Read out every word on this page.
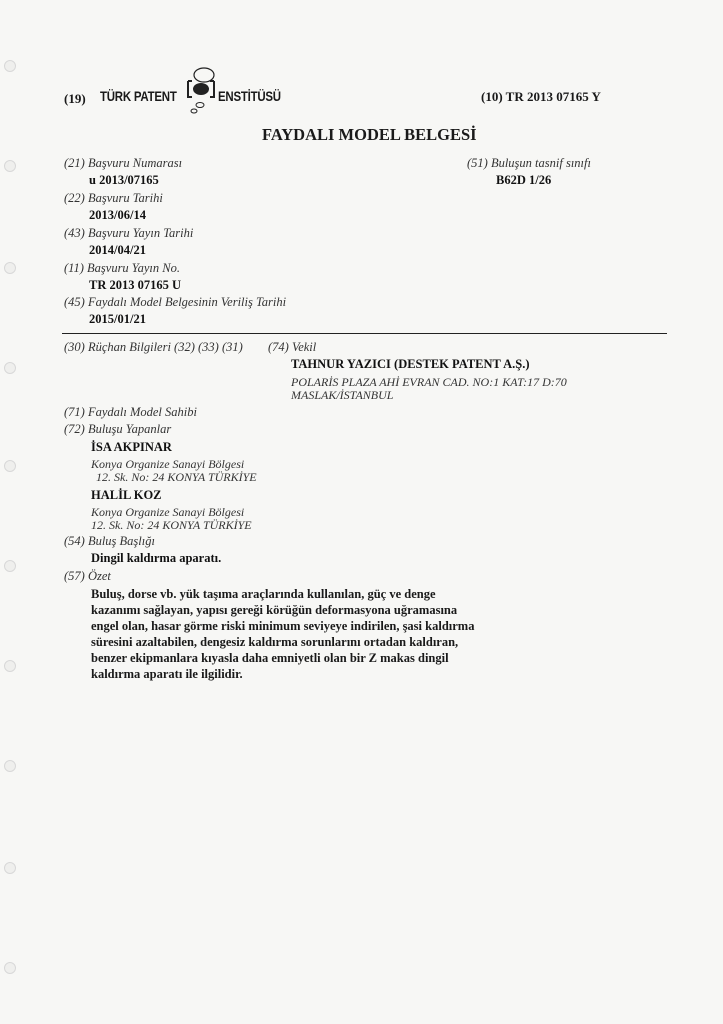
(19) TÜRK PATENT	ENSTİTÜSÜ	(10) TR 2013 07165 Y
FAYDALI MODEL BELGESİ
(21) Başvuru Numarası
u 2013/07165
(22) Başvuru Tarihi
2013/06/14
(43) Başvuru Yayın Tarihi
2014/04/21
(11) Başvuru Yayın No.
TR 2013 07165 U
(45) Faydalı Model Belgesinin Veriliş Tarihi
2015/01/21
(51) Buluşun tasnif sınıfı
B62D 1/26
(30) Rüçhan Bilgileri (32) (33) (31) (74) Vekil
TAHNUR YAZICI (DESTEK PATENT A.Ş.)
POLARİS PLAZA AHİ EVRAN CAD. NO:1 KAT:17 D:70
MASLAK/İSTANBUL
(71) Faydalı Model Sahibi
(72) Buluşu Yapanlar
İSA AKPINAR
Konya Organize Sanayi Bölgesi
12. Sk. No: 24 KONYA TÜRKİYE
HALİL KOZ
Konya Organize Sanayi Bölgesi
12. Sk. No: 24 KONYA TÜRKİYE
(54) Buluş Başlığı
Dingil kaldırma aparatı.
(57) Özet
Buluş, dorse vb. yük taşıma araçlarında kullanılan, güç ve denge
kazanımı sağlayan, yapısı gereği körüğün deformasyona uğramasına
engel olan, hasar görme riski minimum seviyeye indirilen, şasi kaldırma
süresini azaltabilen, dengesiz kaldırma sorunlarını ortadan kaldıran,
benzer ekipmanlara kıyasla daha emniyetli olan bir Z makas dingil
kaldırma aparatı ile ilgilidir.
